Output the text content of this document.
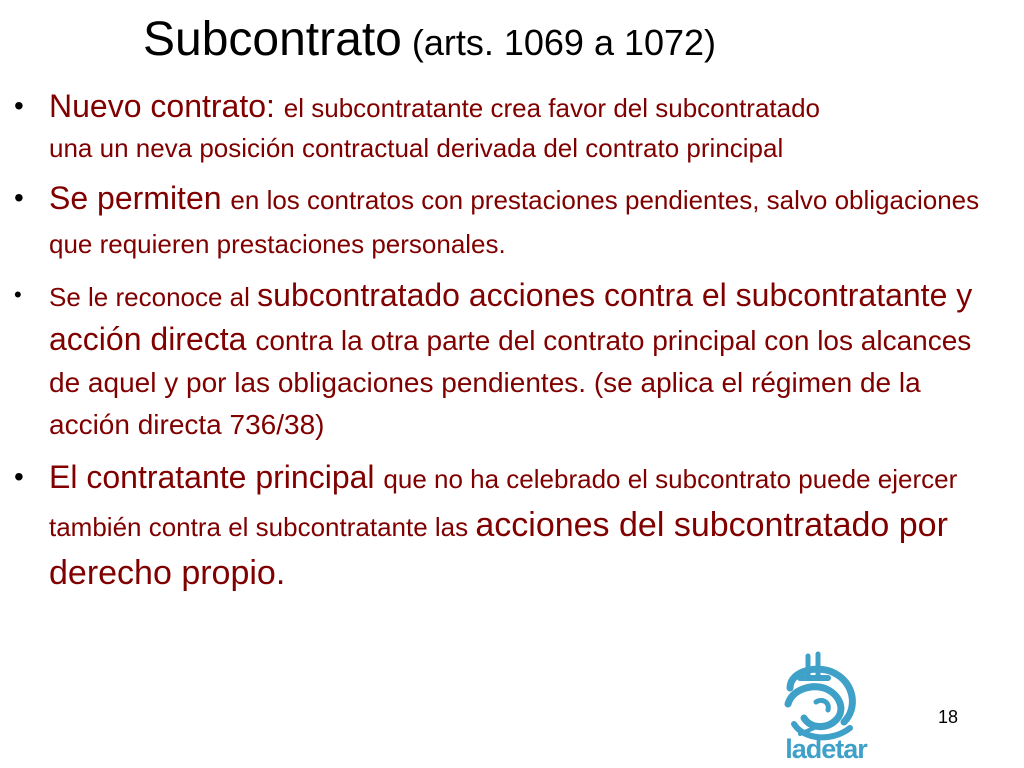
Subcontrato (arts. 1069 a 1072)
• Nuevo contrato: el subcontratante crea favor del subcontratado una un neva posición contractual derivada del contrato principal
• Se permiten en los contratos con prestaciones pendientes, salvo obligaciones que requieren prestaciones personales.
• Se le reconoce al subcontratado acciones contra el subcontratante y acción directa contra la otra parte del contrato principal con los alcances de aquel y por las obligaciones pendientes. (se aplica el régimen de la acción directa 736/38)
• El contratante principal que no ha celebrado el subcontrato puede ejercer también contra el subcontratante las acciones del subcontratado por derecho propio.
18
ladetar
